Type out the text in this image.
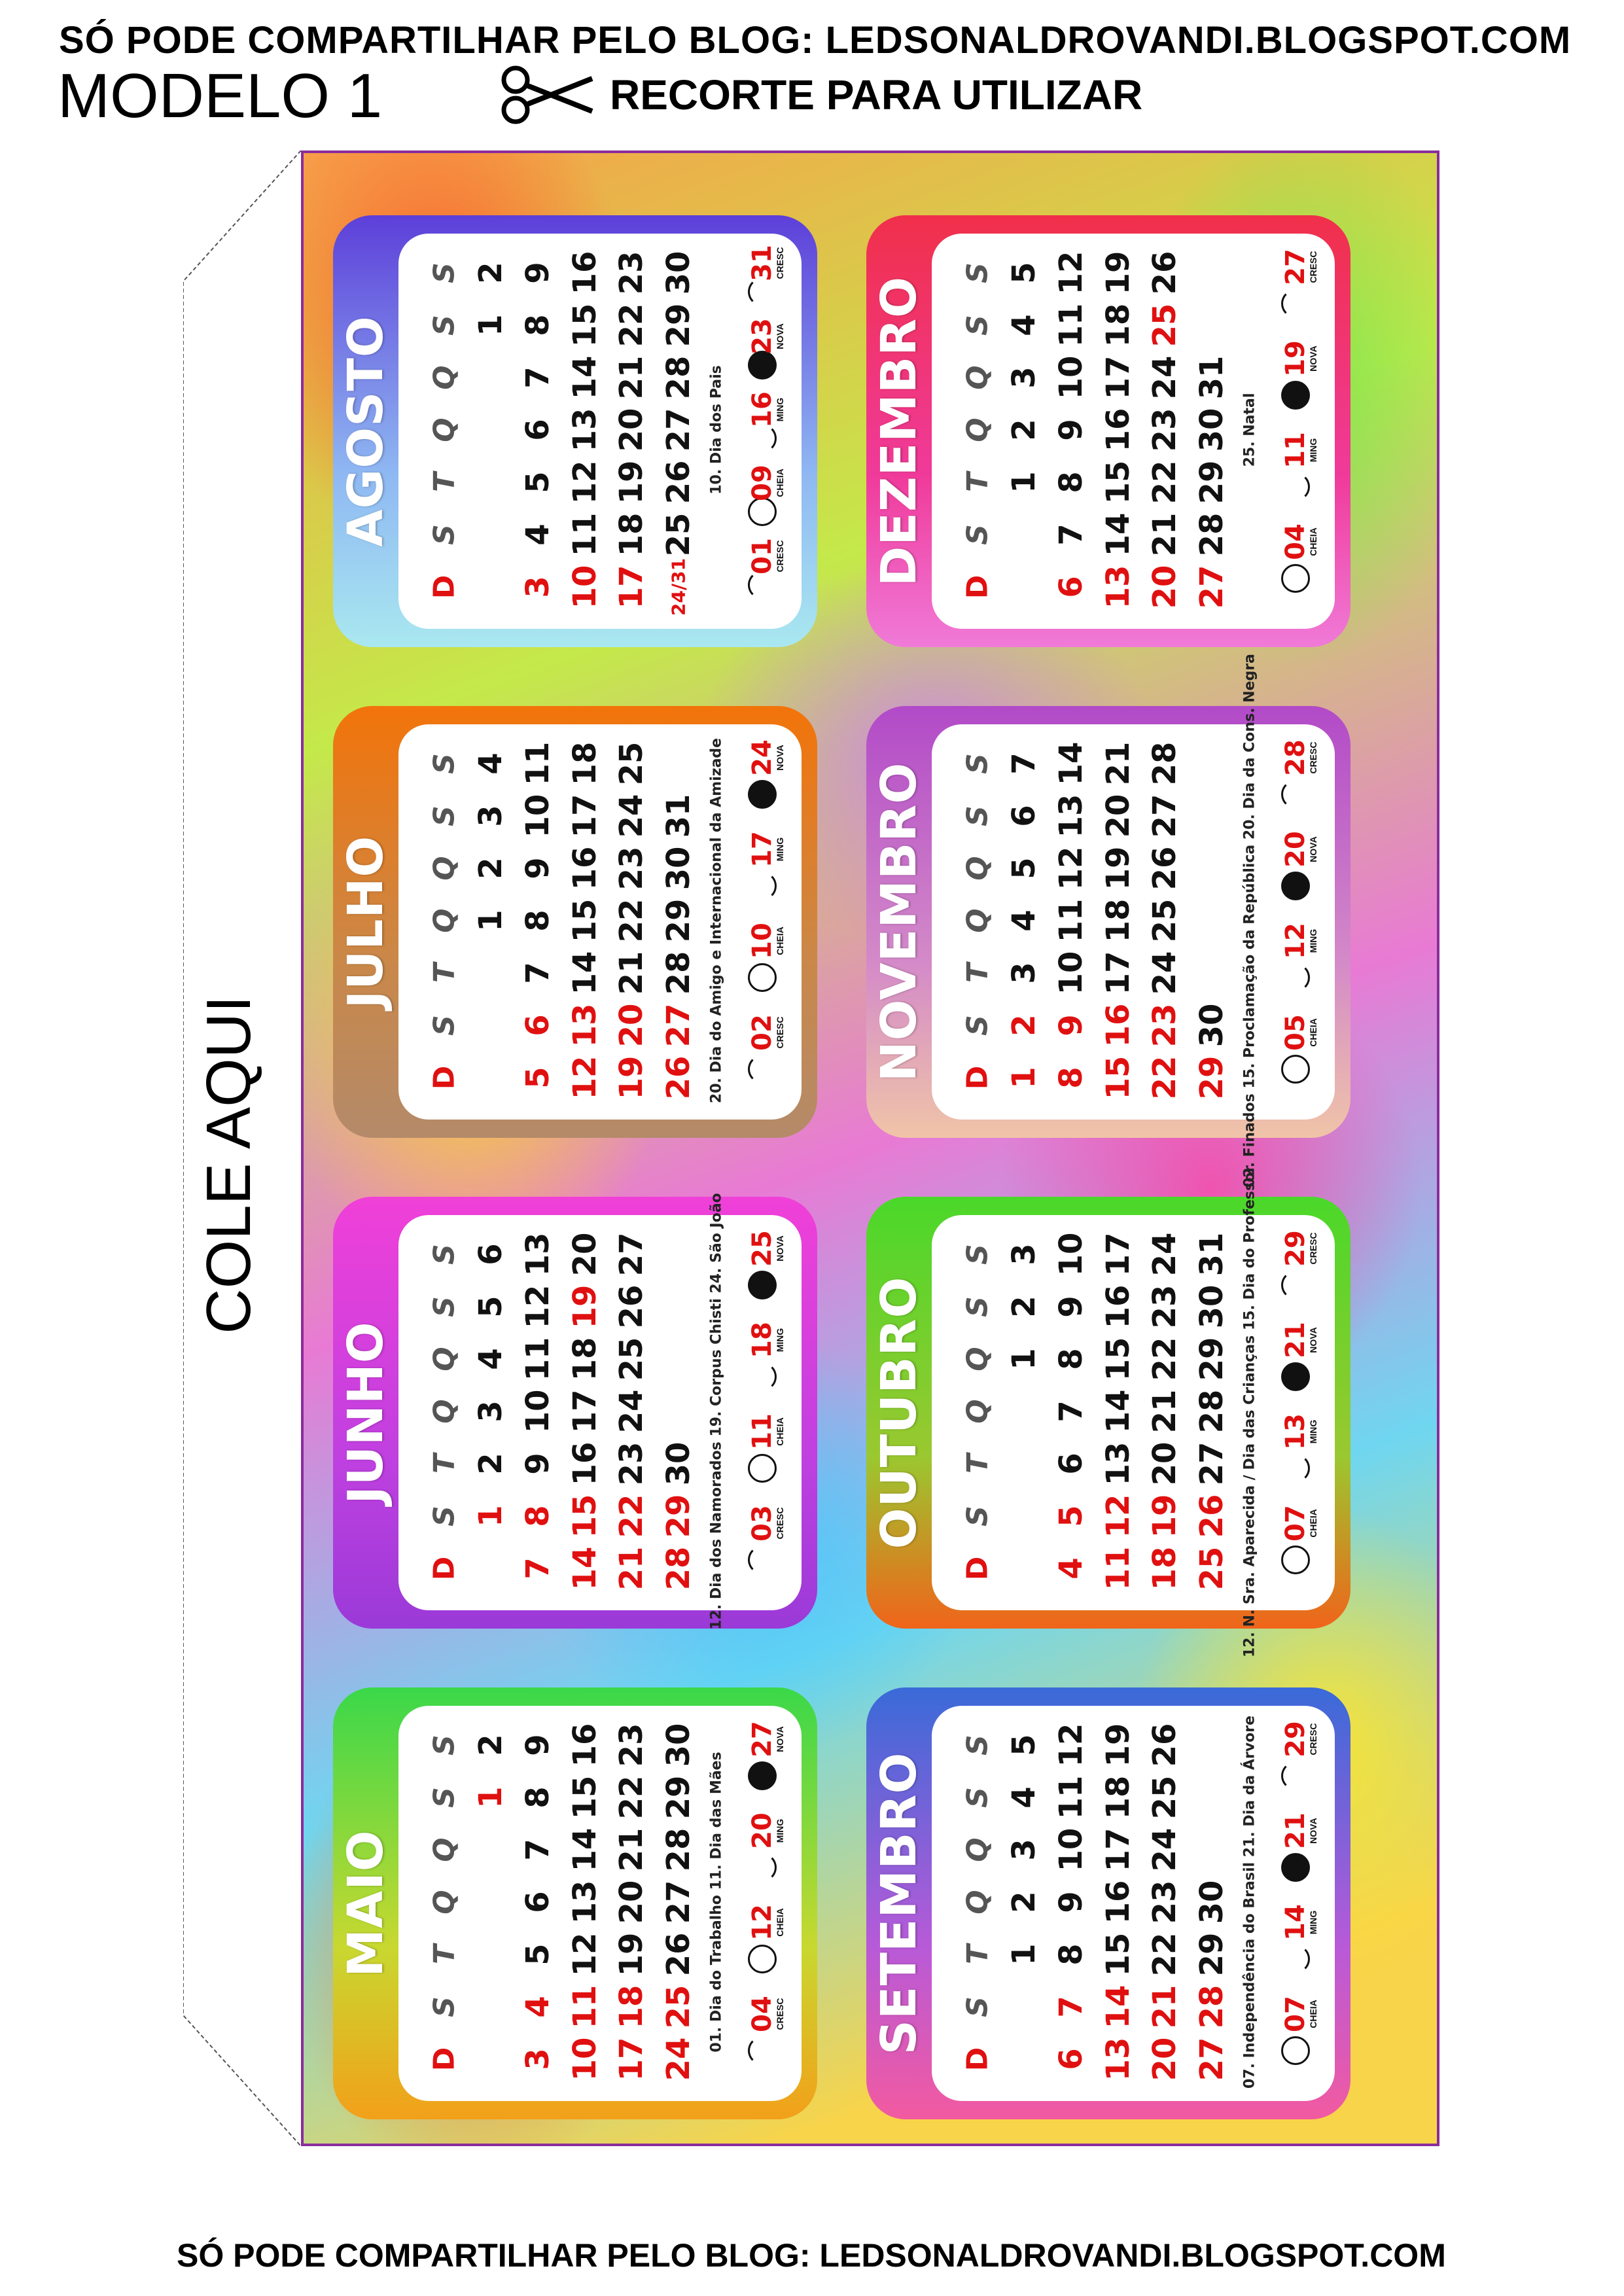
SÓ PODE COMPARTILHAR PELO BLOG: LEDSONALDROVANDI.BLOGSPOT.COM
MODELO 1	RECORTE PARA UTILIZAR
COLE AQUI
AGOSTO
D 3 10 17 24/31
S 4 11 18 25
T 5 12 19 26
Q 6 13 20 27
Q 7 14 21 28
S 1 8 15 22 29
S 2 9 16 23 30
10. Dia dos Pais
31
CRESC
23
NOVA
16
MING
09
CHEIA
01
CRESC DEZEMBRO
D 6 13 20 27
S 7 14 21 28
T 1 8 15 22 29
Q 2 9 16 23 30
Q 3 10 17 24 31
S 4 11 18 25
S 5 12 19 26
25. Natal
27
CRESC
19
NOVA
11
MING
04
CHEIA
JULHO
D 5 12 19 26
S 6 13 20 27
T 7 14 21 28
Q 1 8 15 22 29
Q 2 9 16 23 30
S 3 10 17 24 31
S 4 11 18 25	20. Dia do Amigo e Internacional da Amizade 24
NOVA
17
MING
10
CHEIA
02
CRESC NOVEMBRO D 1 8 15 22 29
S 2 9 16 23 30
T 3 10 17 24
Q 4 11 18 25
Q 5 12 19 26
S 6 13 20 27
S 7 14 21 28	02. Finados 15. Proclamação da República 20. Dia da Cons. Negra 28
CRESC
20
NOVA
12
MING
05
CHEIA
JUNHO
D 7 14 21 28
S 1 8 15 22 29
T 2 9 16 23 30
Q 3 10 17 24
Q 4 11 18 25
S 5 12 19 26
S 6 13 20 27	12. Dia dos Namorados 19. Corpus Chisti 24. São João 25
NOVA
18
MING
11
CHEIA
03
CRESC OUTUBRO
D 4 11 18 25
S 5 12 19 26
T 6 13 20 27
Q 7 14 21 28
Q 1 8 15 22 29
S 2 9 16 23 30
S 3 10 17 24 31 12. N. Sra. Aparecida / Dia das Crianças 15. Dia do Professor 29
CRESC
21
NOVA
13
MING
07
CHEIA
MAIO
D 3 10 17 24
S 4 11 18 25
T 5 12 19 26
Q 6 13 20 27
Q 7 14 21 28
S 1 8 15 22 29
S 2 9 16 23 30
01. Dia do Trabalho 11. Dia das Mães
27
NOVA
20
MING
12
CHEIA
04
CRESC SETEMBRO
D 6 13 20 27
S 7 14 21 28
T 1 8 15 22 29
Q 2 9 16 23 30
Q 3 10 17 24
S 4 11 18 25
S 5 12 19 26	07. Independência do Brasil 21. Dia da Árvore 29
CRESC
21
NOVA
14
MING
07
CHEIA
SÓ PODE COMPARTILHAR PELO BLOG: LEDSONALDROVANDI.BLOGSPOT.COM
